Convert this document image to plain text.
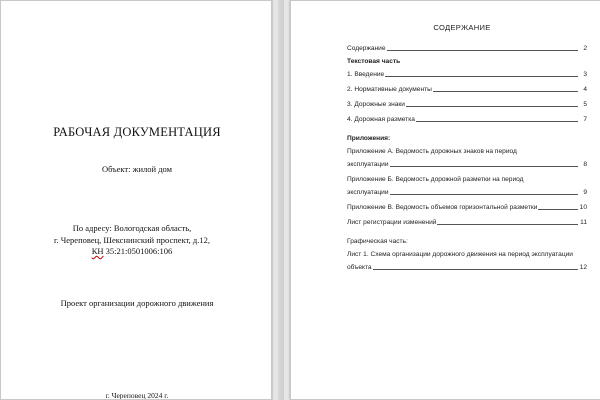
РАБОЧАЯ ДОКУМЕНТАЦИЯ
Объект: жилой дом
По адресу: Вологодская область,
г. Череповец, Шекснинский проспект, д.12,
КН 35:21:0501006:106
Проект организации дорожного движения
г. Череповец 2024 г.
СОДЕРЖАНИЕ
Содержание	2
Текстовая часть
1. Введение	3
2. Нормативные документы	4
3. Дорожные знаки	5
4. Дорожная разметка	7
Приложения:
Приложение А. Ведомость дорожных знаков на период
эксплуатации	8
Приложение Б. Ведомость дорожной разметки на период
эксплуатации	9
Приложение В. Ведомость объемов горизонтальной разметки	10
Лист регистрации изменений	11
Графическая часть:
Лист 1. Схема организации дорожного движения на период эксплуатации
объекта	12
